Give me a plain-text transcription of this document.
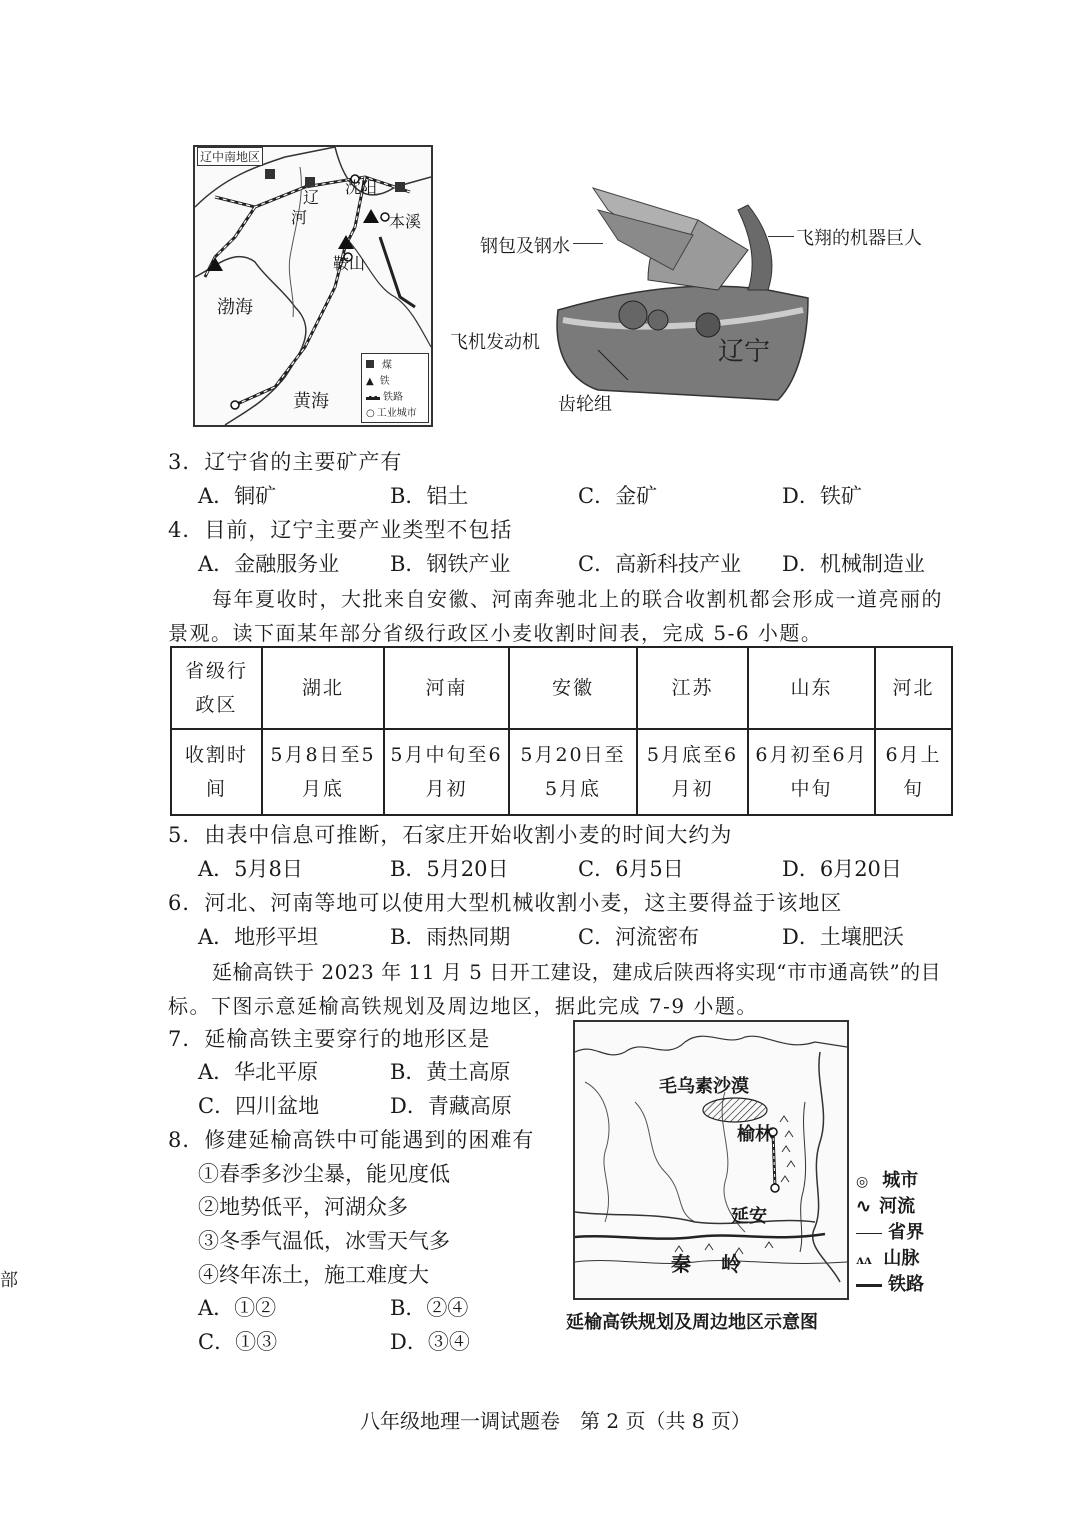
辽中南地区
沈阳
辽
河	本溪
鞍山
渤海
黄海
煤
▲ 铁
铁路
○ 工业城市
辽宁
钢包及钢水	飞翔的机器巨人
飞机发动机
齿轮组
3．辽宁省的主要矿产有
A．铜矿	B．铝土	C．金矿	D．铁矿
4．目前，辽宁主要产业类型不包括
A．金融服务业 B．钢铁产业	C．高新科技产业 D．机械制造业
每年夏收时，大批来自安徽、河南奔驰北上的联合收割机都会形成一道亮丽的
景观。读下面某年部分省级行政区小麦收割时间表，完成 5-6 小题。
省级行政区	湖北	河南	安徽	江苏	山东	河北
收割时间	5月8日至5月底	5月中旬至6月初	5月20日至5月底	5月底至6月初	6月初至6月中旬	6月上旬
5．由表中信息可推断，石家庄开始收割小麦的时间大约为
A．5月8日	B．5月20日	C．6月5日	D．6月20日
6．河北、河南等地可以使用大型机械收割小麦，这主要得益于该地区
A．地形平坦	B．雨热同期	C．河流密布	D．土壤肥沃
延榆高铁于 2023 年 11 月 5 日开工建设，建成后陕西将实现“市市通高铁”的目
标。下图示意延榆高铁规划及周边地区，据此完成 7-9 小题。
7．延榆高铁主要穿行的地形区是
A．华北平原	B．黄土高原
C．四川盆地	D．青藏高原
8．修建延榆高铁中可能遇到的困难有
①春季多沙尘暴，能见度低
②地势低平，河湖众多
③冬季气温低，冰雪天气多
④终年冻土，施工难度大
A．①②	B．②④
C．①③	D．③④
毛乌素沙漠
榆林
延安
秦 岭
◎ 城市
∿ 河流
省界
ᴧᴧ 山脉
铁路
延榆高铁规划及周边地区示意图
部
八年级地理一调试题卷　第 2 页（共 8 页）
